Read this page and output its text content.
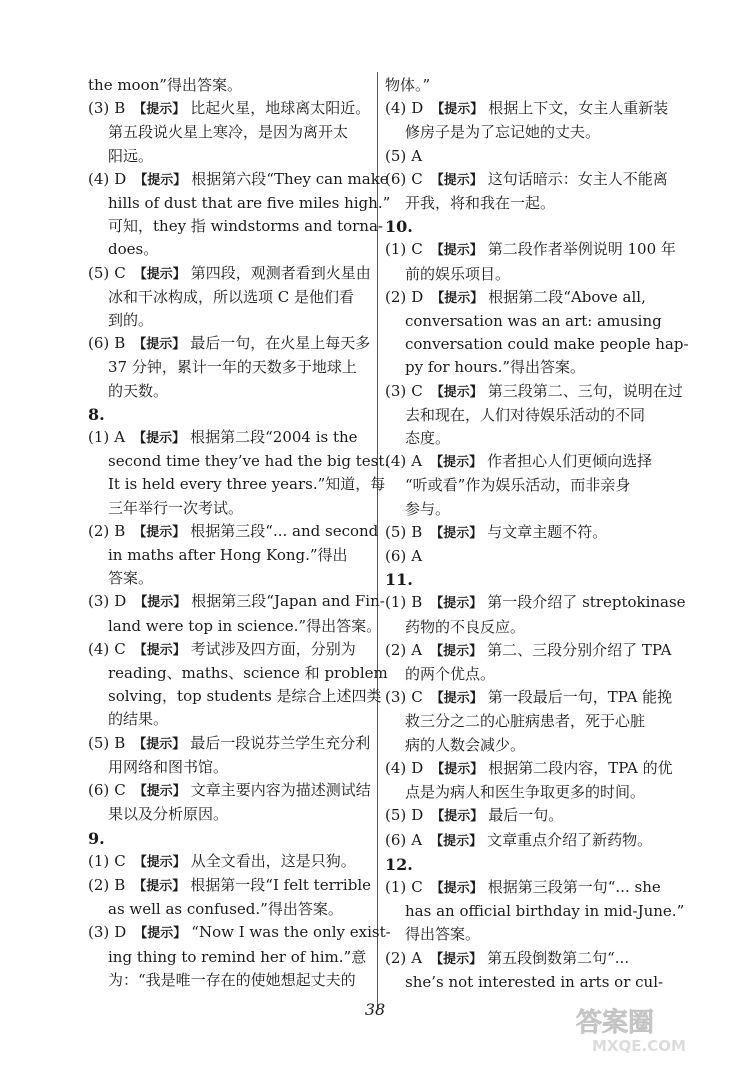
the moon”得出答案。
(3) B 【提示】 比起火星，地球离太阳近。
第五段说火星上寒冷，是因为离开太
阳远。
(4) D 【提示】 根据第六段“They can make
hills of dust that are five miles high.”
可知，they 指 windstorms and torna-
does。
(5) C 【提示】 第四段，观测者看到火星由
冰和干冰构成，所以选项 C 是他们看
到的。
(6) B 【提示】 最后一句，在火星上每天多
37 分钟，累计一年的天数多于地球上
的天数。
8.
(1) A 【提示】 根据第二段“2004 is the
second time they’ve had the big test.
It is held every three years.”知道，每
三年举行一次考试。
(2) B 【提示】 根据第三段“... and second
in maths after Hong Kong.”得出
答案。
(3) D 【提示】 根据第三段“Japan and Fin-
land were top in science.”得出答案。
(4) C 【提示】 考试涉及四方面，分别为
reading、maths、science 和 problem
solving，top students 是综合上述四类
的结果。
(5) B 【提示】 最后一段说芬兰学生充分利
用网络和图书馆。
(6) C 【提示】 文章主要内容为描述测试结
果以及分析原因。
9.
(1) C 【提示】 从全文看出，这是只狗。
(2) B 【提示】 根据第一段“I felt terrible
as well as confused.”得出答案。
(3) D 【提示】 “Now I was the only exist-
ing thing to remind her of him.”意
为：“我是唯一存在的使她想起丈夫的
物体。”
(4) D 【提示】 根据上下文，女主人重新装
修房子是为了忘记她的丈夫。
(5) A
(6) C 【提示】 这句话暗示：女主人不能离
开我，将和我在一起。
10.
(1) C 【提示】 第二段作者举例说明 100 年
前的娱乐项目。
(2) D 【提示】 根据第二段“Above all,
conversation was an art: amusing
conversation could make people hap-
py for hours.”得出答案。
(3) C 【提示】 第三段第二、三句，说明在过
去和现在，人们对待娱乐活动的不同
态度。
(4) A 【提示】 作者担心人们更倾向选择
“听或看”作为娱乐活动，而非亲身
参与。
(5) B 【提示】 与文章主题不符。
(6) A
11.
(1) B 【提示】 第一段介绍了 streptokinase
药物的不良反应。
(2) A 【提示】 第二、三段分别介绍了 TPA
的两个优点。
(3) C 【提示】 第一段最后一句，TPA 能挽
救三分之二的心脏病患者，死于心脏
病的人数会减少。
(4) D 【提示】 根据第二段内容，TPA 的优
点是为病人和医生争取更多的时间。
(5) D 【提示】 最后一句。
(6) A 【提示】 文章重点介绍了新药物。
12.
(1) C 【提示】 根据第三段第一句“... she
has an official birthday in mid-June.”
得出答案。
(2) A 【提示】 第五段倒数第二句“...
she’s not interested in arts or cul-
38	答案圈
MXQE.COM
